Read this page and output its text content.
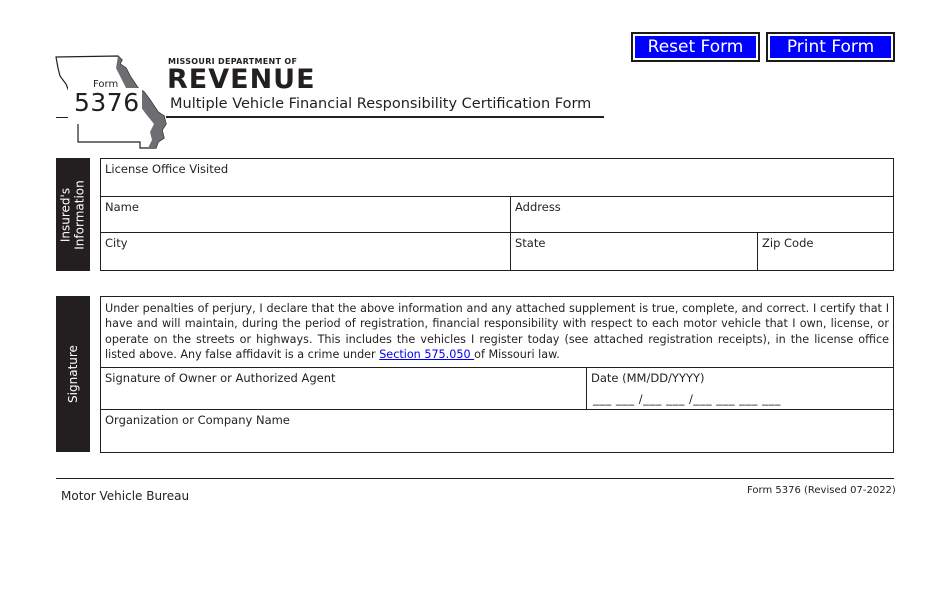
Reset Form	Print Form
Form
5376
MISSOURI DEPARTMENT OF
REVENUE
Multiple Vehicle Financial Responsibility Certification Form
Insured's Information
License Office Visited
Name	Address
City	State	Zip Code
Signature
Under penalties of perjury, I declare that the above information and any attached supplement is true, complete, and correct. I certify that I have and will maintain, during the period of registration, financial responsibility with respect to each motor vehicle that I own, license, or operate on the streets or highways. This includes the vehicles I register today (see attached registration receipts), in the license office listed above. Any false affidavit is a crime under Section 575.050 of Missouri law.
Signature of Owner or Authorized Agent	Date (MM/DD/YYYY)
___ ___ /___ ___ /___ ___ ___ ___
Organization or Company Name
Motor Vehicle Bureau	Form 5376 (Revised 07-2022)
